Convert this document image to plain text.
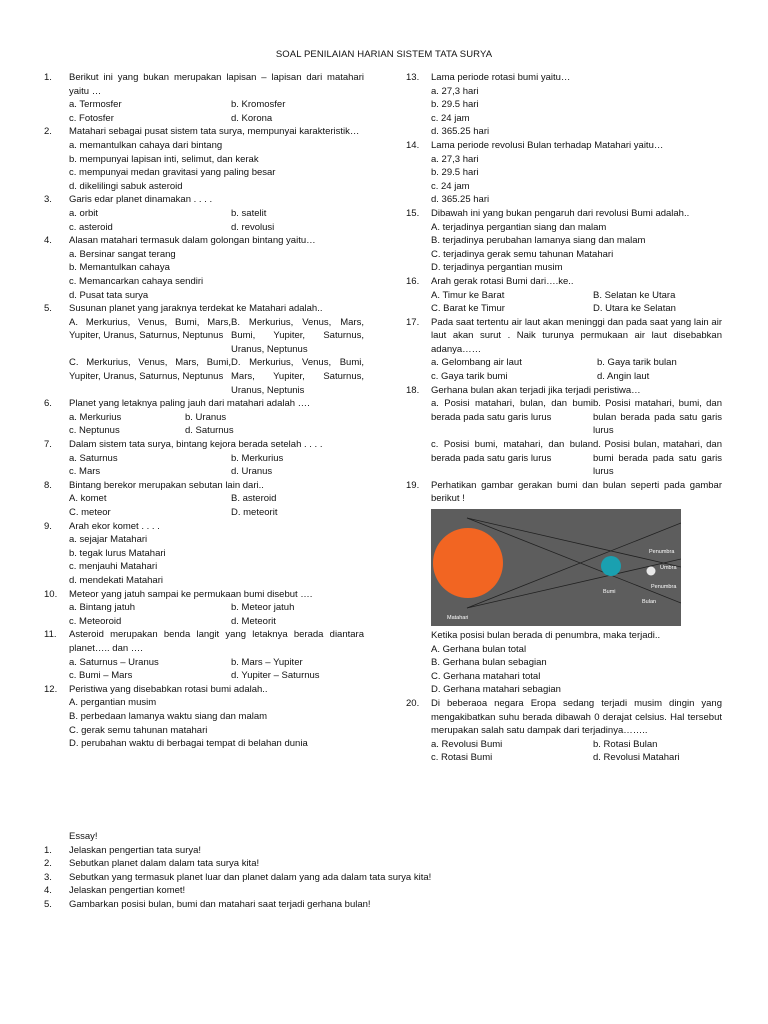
SOAL PENILAIAN HARIAN SISTEM TATA SURYA
1. Berikut ini yang bukan merupakan lapisan – lapisan dari matahari yaitu …
a. Termosfer	b. Kromosfer
c. Fotosfer	d. Korona
2. Matahari sebagai pusat sistem tata surya, mempunyai karakteristik…
a. memantulkan cahaya dari bintang
b. mempunyai lapisan inti, selimut, dan kerak
c. mempunyai medan gravitasi yang paling besar
d. dikelilingi sabuk asteroid
3. Garis edar planet dinamakan . . . .
a. orbit	b. satelit
c. asteroid	d. revolusi
4. Alasan matahari termasuk dalam golongan bintang yaitu…
a. Bersinar sangat terang
b. Memantulkan cahaya
c. Memancarkan cahaya sendiri
d. Pusat tata surya
5. Susunan planet yang jaraknya terdekat ke Matahari adalah..
A. Merkurius, Venus, Bumi, Mars, Yupiter, Uranus, Saturnus, Neptunus
B. Merkurius, Venus, Mars, Bumi, Yupiter, Saturnus, Uranus, Neptunus
C. Merkurius, Venus, Mars, Bumi, Yupiter, Uranus, Saturnus, Neptunus
D. Merkurius, Venus, Bumi, Mars, Yupiter, Saturnus, Uranus, Neptunis
6. Planet yang letaknya paling jauh dari matahari adalah ….
a. Merkurius	b. Uranus
c. Neptunus	d. Saturnus
7. Dalam sistem tata surya, bintang kejora berada setelah . . . .
a. Saturnus	b. Merkurius
c. Mars	d. Uranus
8. Bintang berekor merupakan sebutan lain dari..
A. komet	B. asteroid
C. meteor	D. meteorit
9. Arah ekor komet . . . .
a. sejajar Matahari
b. tegak lurus Matahari
c. menjauhi Matahari
d. mendekati Matahari
10. Meteor yang jatuh sampai ke permukaan bumi disebut ….
a. Bintang jatuh	b. Meteor jatuh
c. Meteoroid	d. Meteorit
11. Asteroid merupakan benda langit yang letaknya berada diantara planet….. dan ….
a. Saturnus – Uranus	b. Mars – Yupiter
c. Bumi – Mars	d. Yupiter – Saturnus
12. Peristiwa yang disebabkan rotasi bumi adalah..
A. pergantian musim
B. perbedaan lamanya waktu siang dan malam
C. gerak semu tahunan matahari
D. perubahan waktu di berbagai tempat di belahan dunia
13. Lama periode rotasi bumi yaitu…
a. 27,3 hari
b. 29.5 hari
c. 24 jam
d. 365.25 hari
14. Lama periode revolusi Bulan terhadap Matahari yaitu…
a. 27,3 hari
b. 29.5 hari
c. 24 jam
d. 365.25 hari
15. Dibawah ini yang bukan pengaruh dari revolusi Bumi adalah..
A. terjadinya pergantian siang dan malam
B. terjadinya perubahan lamanya siang dan malam
C. terjadinya gerak semu tahunan Matahari
D. terjadinya pergantian musim
16. Arah gerak rotasi Bumi dari….ke..
A. Timur ke Barat	B. Selatan ke Utara
C. Barat ke Timur	D. Utara ke Selatan
17. Pada saat tertentu air laut akan meninggi dan pada saat yang lain air laut akan surut . Naik turunya permukaan air laut disebabkan adanya……
a. Gelombang air laut	b. Gaya tarik bulan
c. Gaya tarik bumi	d. Angin laut
18. Gerhana bulan akan terjadi jika terjadi peristiwa…
a. Posisi matahari, bulan, dan bumi berada pada satu garis lurus
b. Posisi matahari, bumi, dan bulan berada pada satu garis lurus
c. Posisi bumi, matahari, dan bulan berada pada satu garis lurus
d. Posisi bulan, matahari, dan bumi berada pada satu garis lurus
19. Perhatikan gambar gerakan bumi dan bulan seperti pada gambar berikut !
Matahari
Bumi
Bulan
Penumbra
Umbra
Penumbra
Ketika posisi bulan berada di penumbra, maka terjadi..
A. Gerhana bulan total
B. Gerhana bulan sebagian
C. Gerhana matahari total
D. Gerhana matahari sebagian
20. Di beberaoa negara Eropa sedang terjadi musim dingin yang mengakibatkan suhu berada dibawah 0 derajat celsius. Hal tersebut merupakan salah satu dampak dari terjadinya……..
a. Revolusi Bumi	b. Rotasi Bulan
c. Rotasi Bumi	d. Revolusi Matahari
Essay!
1. Jelaskan pengertian tata surya!
2. Sebutkan planet dalam dalam tata surya kita!
3. Sebutkan yang termasuk planet luar dan planet dalam yang ada dalam tata surya kita!
4. Jelaskan pengertian komet!
5. Gambarkan posisi bulan, bumi dan matahari saat terjadi gerhana bulan!
